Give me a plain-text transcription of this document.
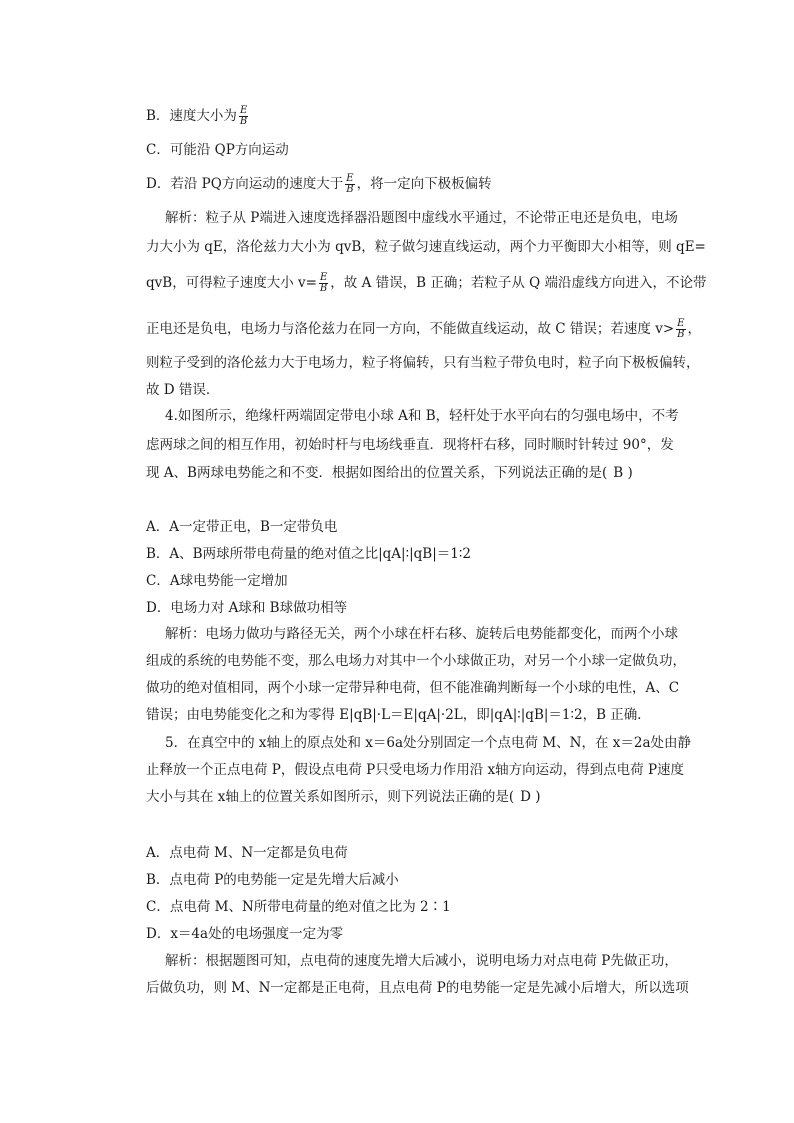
B．速度大小为 $\frac{E}{B}$
C．可能沿 QP方向运动
D．若沿 PQ方向运动的速度大于 $\frac{E}{B}$ ，将一定向下极板偏转
解析：粒子从 P端进入速度选择器沿题图中虚线水平通过，不论带正电还是负电，电场
力大小为 qE，洛伦兹力大小为 qvB，粒子做匀速直线运动，两个力平衡即大小相等，则 qE=
qvB，可得粒子速度大小 $v= \frac{E}{B}$ ，故 A 错误，B 正确；若粒子从 Q 端沿虚线方向进入，不论带
正电还是负电，电场力与洛伦兹力在同一方向，不能做直线运动，故 C 错误；若速度 $v> \frac{E}{B}$ ，
则粒子受到的洛伦兹力大于电场力，粒子将偏转，只有当粒子带负电时，粒子向下极板偏转，
故 D 错误．
4.如图所示，绝缘杆两端固定带电小球 A和 B，轻杆处于水平向右的匀强电场中，不考
虑两球之间的相互作用，初始时杆与电场线垂直．现将杆右移，同时顺时针转过 90°，发
现 A、B两球电势能之和不变．根据如图给出的位置关系，下列说法正确的是( B )
A．A一定带正电，B一定带负电
B．A、B两球所带电荷量的绝对值之比|qA|∶|qB|＝1∶2
C．A球电势能一定增加
D．电场力对 A球和 B球做功相等
解析：电场力做功与路径无关，两个小球在杆右移、旋转后电势能都变化，而两个小球
组成的系统的电势能不变，那么电场力对其中一个小球做正功，对另一个小球一定做负功，
做功的绝对值相同，两个小球一定带异种电荷，但不能准确判断每一个小球的电性，A、C
错误；由电势能变化之和为零得 E|qB|·L＝E|qA|·2L，即|qA|∶|qB|＝1∶2，B 正确．
5．在真空中的 x轴上的原点处和 x＝6a处分别固定一个点电荷 M、N，在 x＝2a处由静
止释放一个正点电荷 P，假设点电荷 P只受电场力作用沿 x轴方向运动，得到点电荷 P速度
大小与其在 x轴上的位置关系如图所示，则下列说法正确的是( D )
A．点电荷 M、N一定都是负电荷
B．点电荷 P的电势能一定是先增大后减小
C．点电荷 M、N所带电荷量的绝对值之比为 2∶1
D．x＝4a处的电场强度一定为零
解析：根据题图可知，点电荷的速度先增大后减小，说明电场力对点电荷 P先做正功，
后做负功，则 M、N一定都是正电荷，且点电荷 P的电势能一定是先减小后增大，所以选项
